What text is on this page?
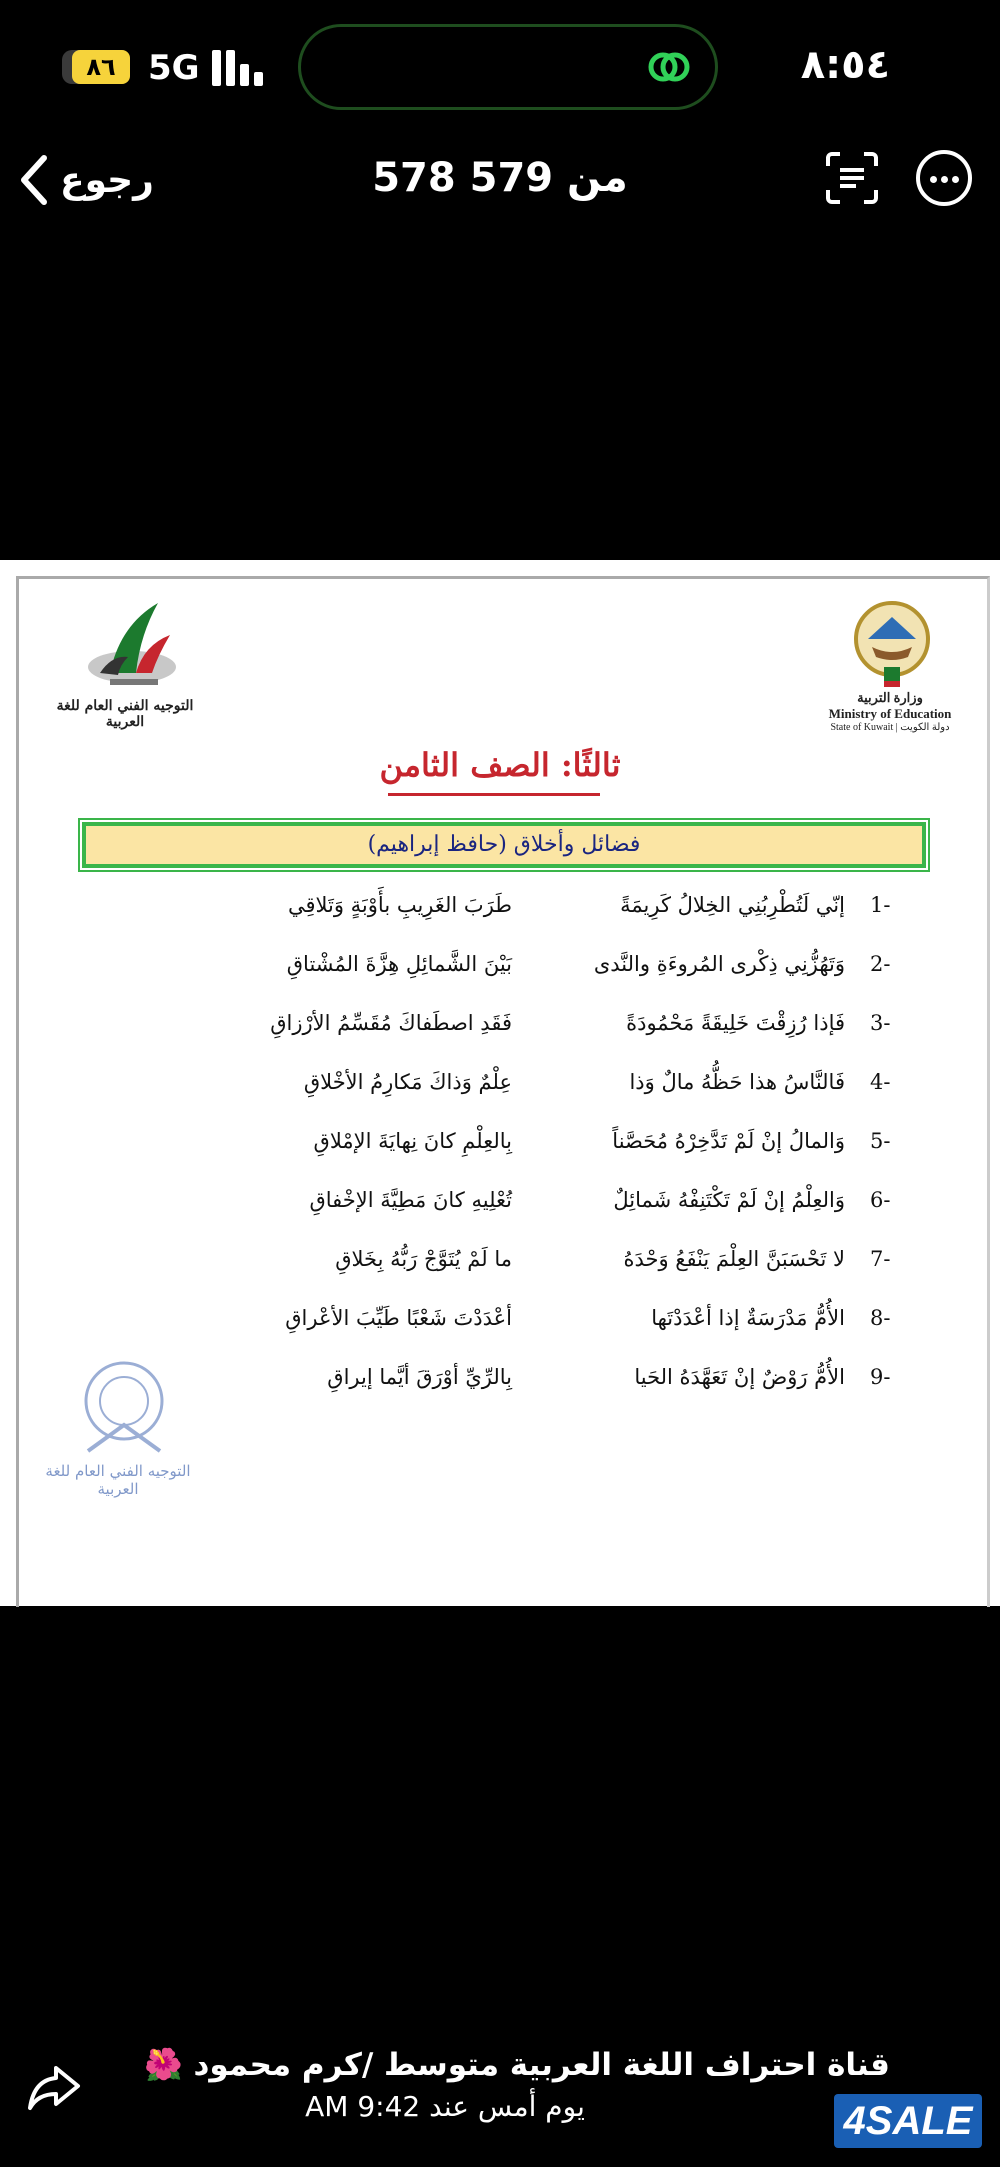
٨:٥٤
٨٦ 5G
رجوع	578 من 579
التوجيه الفني العام للغة العربية
وزارة التربية
Ministry of Education
State of Kuwait | دولة الكويت
ثالثًا: الصف الثامن
فضائل وأخلاق (حافظ إبراهيم)
1-
إنّي لَتُطْرِبُنِي الخِلالُ كَرِيمَةً
طَرَبَ الغَرِيبِ بأَوْبَةٍ وَتَلاقِي
2-
وَتَهُزُّنِي ذِكْرى المُروءَةِ والنَّدى
بَيْنَ الشَّمائِلِ هِزَّةَ المُشْتاقِ
3-
فَإذا رُزِقْتَ خَلِيقَةً مَحْمُودَةً
فَقَدِ اصطَفاكَ مُقَسِّمُ الأرْزاقِ
4-
فَالنَّاسُ هذا حَظُّهُ مالٌ وَذا
عِلْمٌ وَذاكَ مَكارِمُ الأخْلاقِ
5-
وَالمالُ إنْ لَمْ تَدَّخِرْهُ مُحَصَّناً
بِالعِلْمِ كانَ نِهايَةَ الإمْلاقِ
6-
وَالعِلْمُ إنْ لَمْ تَكْتَنِفْهُ شَمائِلٌ
تُعْلِيهِ كانَ مَطِيَّةَ الإخْفاقِ
7-
لا تَحْسَبَنَّ العِلْمَ يَنْفَعُ وَحْدَهُ
ما لَمْ يُتَوَّجْ رَبُّهُ بِخَلاقِ
8-
الأُمُّ مَدْرَسَةٌ إذا أعْدَدْتَها
أعْدَدْتَ شَعْبًا طَيِّبَ الأعْراقِ
9-
الأُمُّ رَوْضٌ إنْ تَعَهَّدَهُ الحَيا
بِالرِّيِّ أوْرَقَ أيَّما إيراقِ
التوجيه الفني العام للغة العربية
قناة احتراف اللغة العربية متوسط /كرم محمود 🌺
يوم أمس عند 9:42 AM	4SALE
